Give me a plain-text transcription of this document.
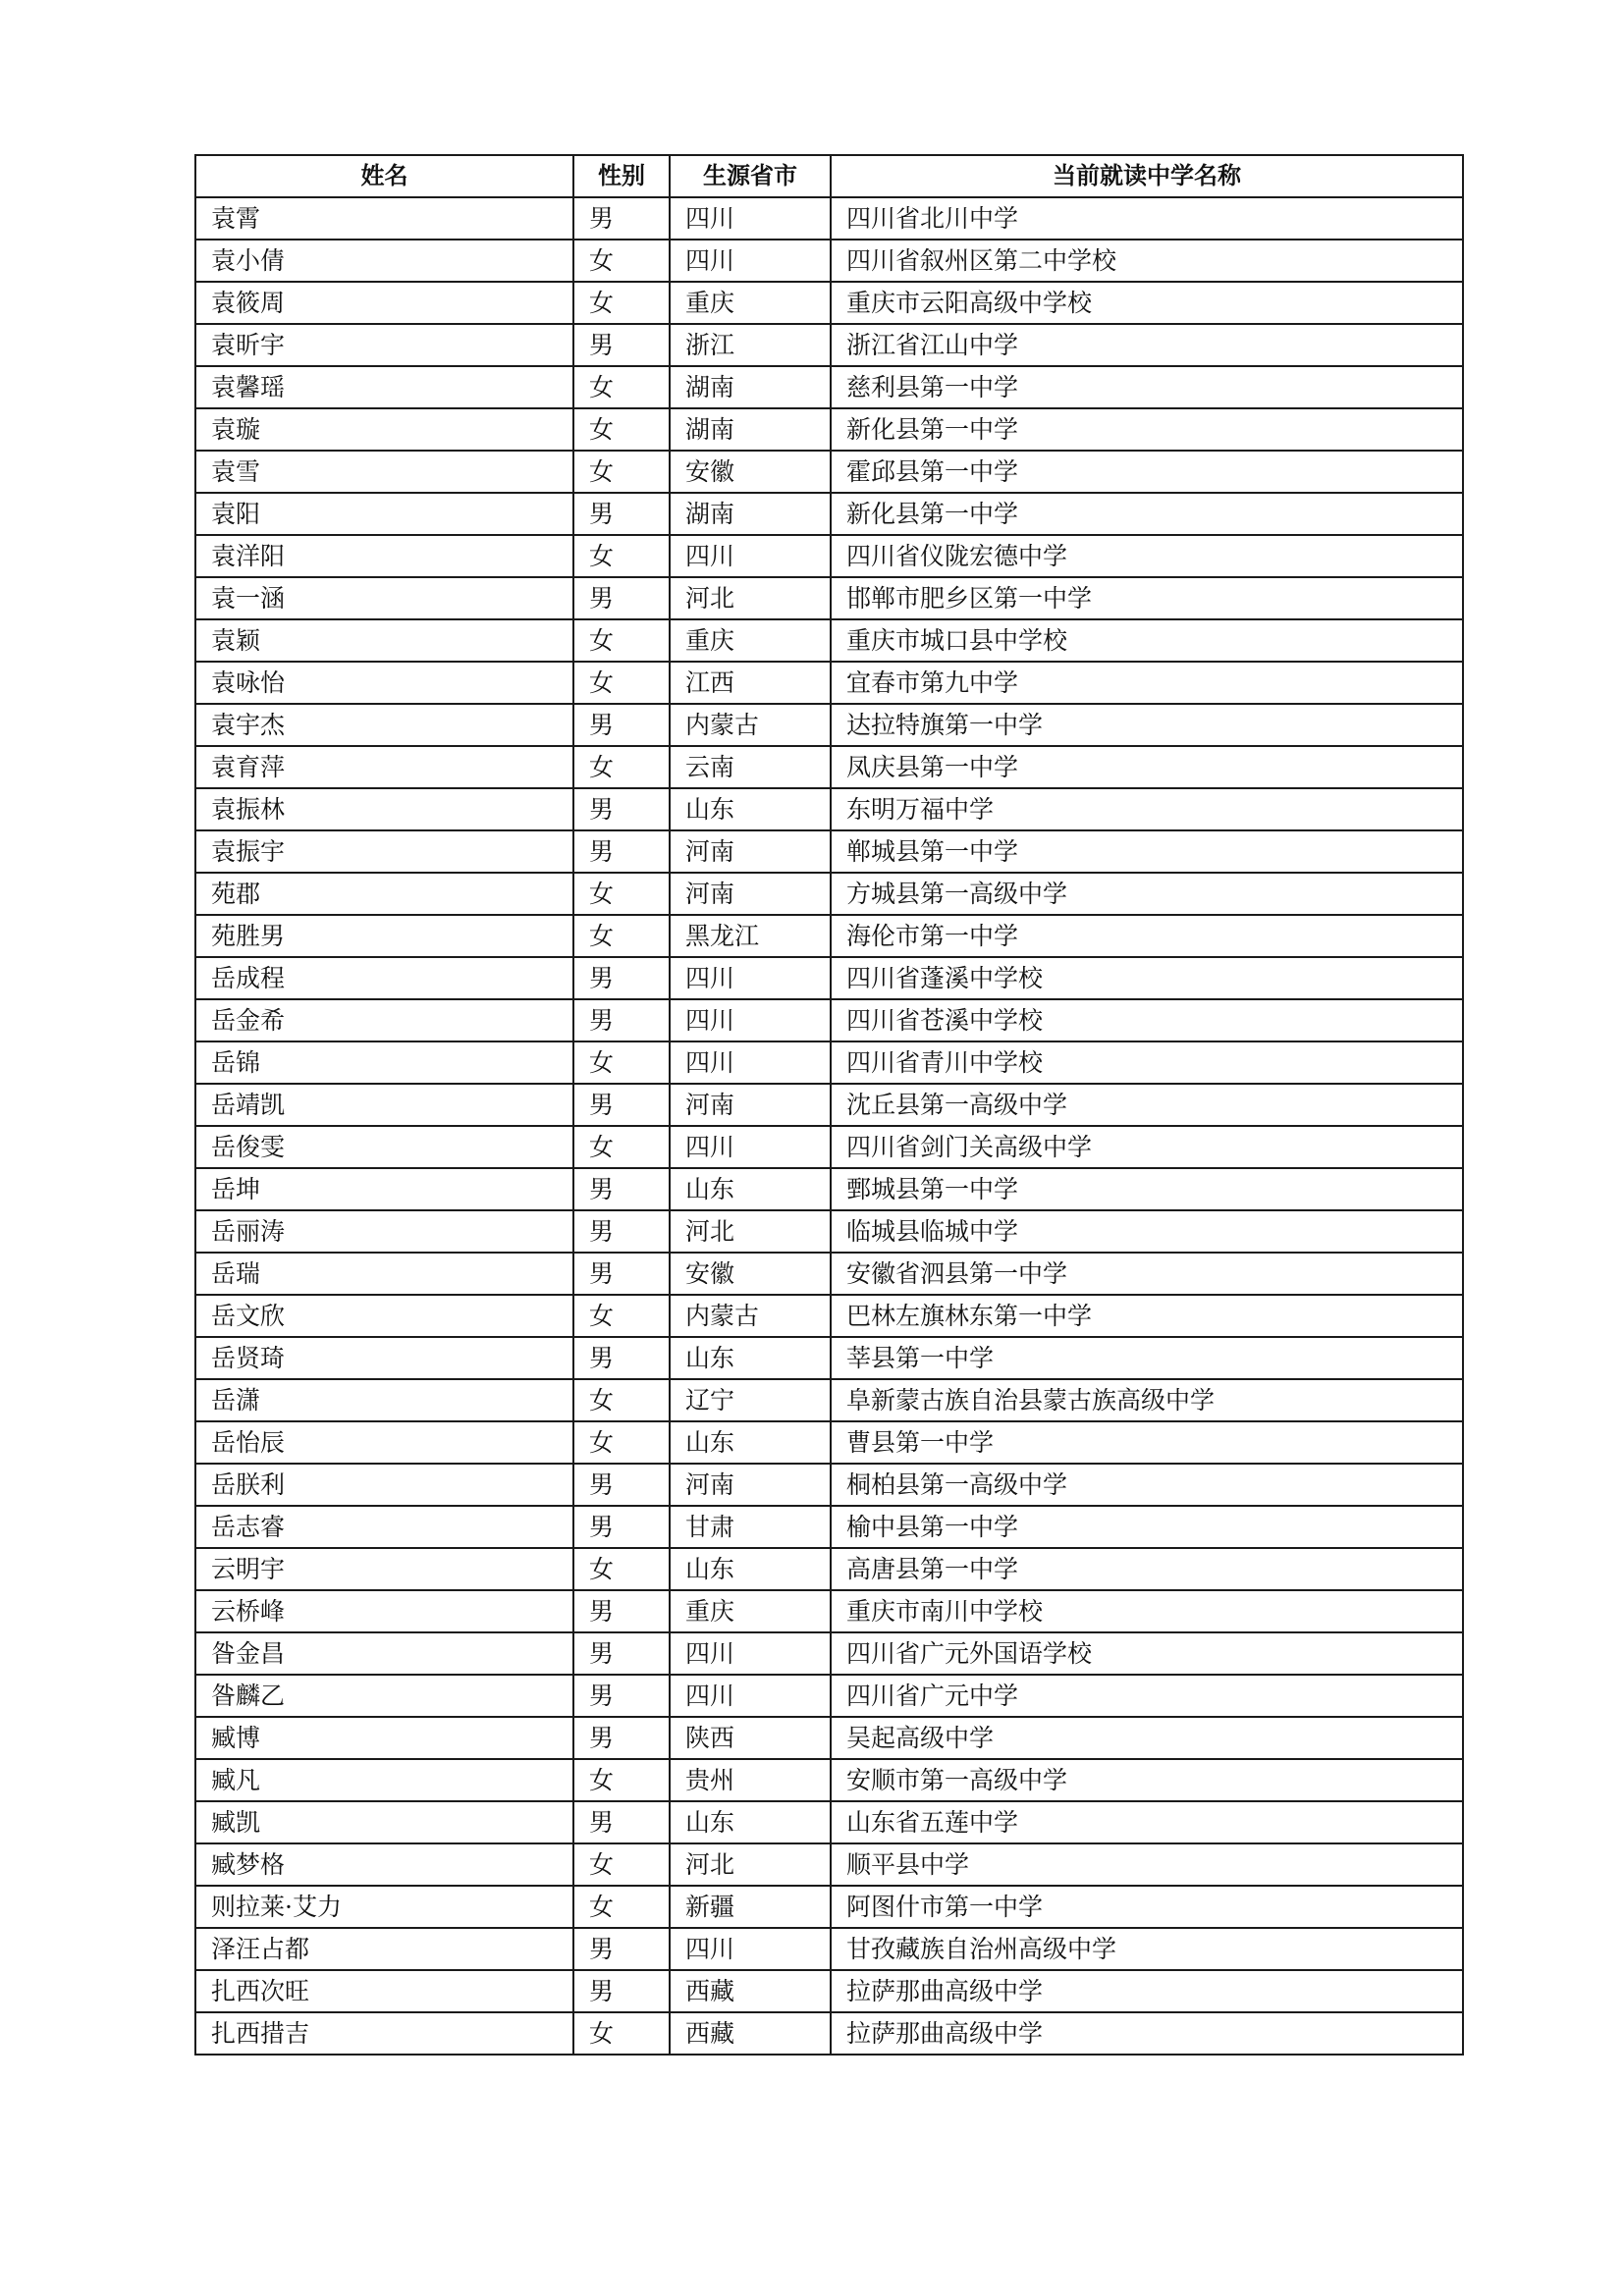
姓名	性别	生源省市	当前就读中学名称
袁霄	男	四川	四川省北川中学
袁小倩	女	四川	四川省叙州区第二中学校
袁筱周	女	重庆	重庆市云阳高级中学校
袁昕宇	男	浙江	浙江省江山中学
袁馨瑶	女	湖南	慈利县第一中学
袁璇	女	湖南	新化县第一中学
袁雪	女	安徽	霍邱县第一中学
袁阳	男	湖南	新化县第一中学
袁洋阳	女	四川	四川省仪陇宏德中学
袁一涵	男	河北	邯郸市肥乡区第一中学
袁颖	女	重庆	重庆市城口县中学校
袁咏怡	女	江西	宜春市第九中学
袁宇杰	男	内蒙古	达拉特旗第一中学
袁育萍	女	云南	凤庆县第一中学
袁振林	男	山东	东明万福中学
袁振宇	男	河南	郸城县第一中学
苑郡	女	河南	方城县第一高级中学
苑胜男	女	黑龙江	海伦市第一中学
岳成程	男	四川	四川省蓬溪中学校
岳金希	男	四川	四川省苍溪中学校
岳锦	女	四川	四川省青川中学校
岳靖凯	男	河南	沈丘县第一高级中学
岳俊雯	女	四川	四川省剑门关高级中学
岳坤	男	山东	鄄城县第一中学
岳丽涛	男	河北	临城县临城中学
岳瑞	男	安徽	安徽省泗县第一中学
岳文欣	女	内蒙古	巴林左旗林东第一中学
岳贤琦	男	山东	莘县第一中学
岳潇	女	辽宁	阜新蒙古族自治县蒙古族高级中学
岳怡辰	女	山东	曹县第一中学
岳朕利	男	河南	桐柏县第一高级中学
岳志睿	男	甘肃	榆中县第一中学
云明宇	女	山东	高唐县第一中学
云桥峰	男	重庆	重庆市南川中学校
昝金昌	男	四川	四川省广元外国语学校
昝麟乙	男	四川	四川省广元中学
臧博	男	陕西	吴起高级中学
臧凡	女	贵州	安顺市第一高级中学
臧凯	男	山东	山东省五莲中学
臧梦格	女	河北	顺平县中学
则拉莱·艾力	女	新疆	阿图什市第一中学
泽汪占都	男	四川	甘孜藏族自治州高级中学
扎西次旺	男	西藏	拉萨那曲高级中学
扎西措吉	女	西藏	拉萨那曲高级中学
